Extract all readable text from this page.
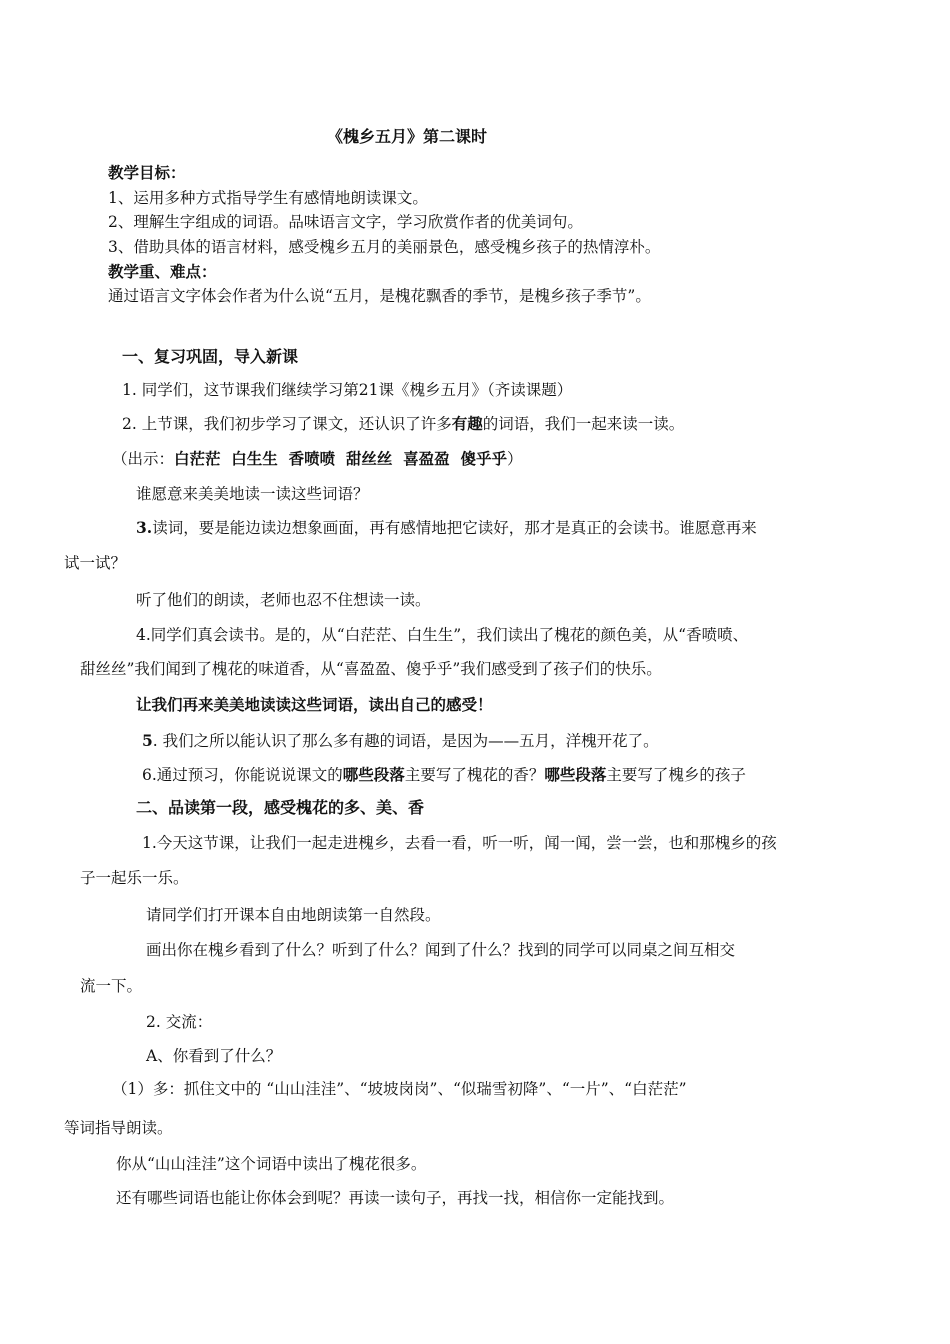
《槐乡五月》第二课时
教学目标：
1、运用多种方式指导学生有感情地朗读课文。
2、理解生字组成的词语。品味语言文字，学习欣赏作者的优美词句。
3、借助具体的语言材料，感受槐乡五月的美丽景色，感受槐乡孩子的热情淳朴。
教学重、难点：
通过语言文字体会作者为什么说“五月，是槐花飘香的季节，是槐乡孩子季节”。
一、复习巩固，导入新课
1. 同学们，这节课我们继续学习第21课《槐乡五月》（齐读课题）
2. 上节课，我们初步学习了课文，还认识了许多有趣的词语，我们一起来读一读。
（出示：白茫茫  白生生  香喷喷  甜丝丝  喜盈盈  傻乎乎）
谁愿意来美美地读一读这些词语？
3.读词，要是能边读边想象画面，再有感情地把它读好，那才是真正的会读书。谁愿意再来
试一试？
听了他们的朗读，老师也忍不住想读一读。
4.同学们真会读书。是的，从“白茫茫、白生生”，我们读出了槐花的颜色美，从“香喷喷、
甜丝丝”我们闻到了槐花的味道香，从“喜盈盈、傻乎乎”我们感受到了孩子们的快乐。
让我们再来美美地读读这些词语，读出自己的感受！
5. 我们之所以能认识了那么多有趣的词语，是因为——五月，洋槐开花了。
6.通过预习，你能说说课文的哪些段落主要写了槐花的香？哪些段落主要写了槐乡的孩子
二、品读第一段，感受槐花的多、美、香
1.今天这节课，让我们一起走进槐乡，去看一看，听一听，闻一闻，尝一尝，也和那槐乡的孩
子一起乐一乐。
请同学们打开课本自由地朗读第一自然段。
画出你在槐乡看到了什么？听到了什么？闻到了什么？找到的同学可以同桌之间互相交
流一下。
2. 交流：
A、你看到了什么？
（1）多：抓住文中的 “山山洼洼”、“坡坡岗岗”、“似瑞雪初降”、“一片”、“白茫茫”
等词指导朗读。
你从“山山洼洼”这个词语中读出了槐花很多。
还有哪些词语也能让你体会到呢？再读一读句子，再找一找，相信你一定能找到。
